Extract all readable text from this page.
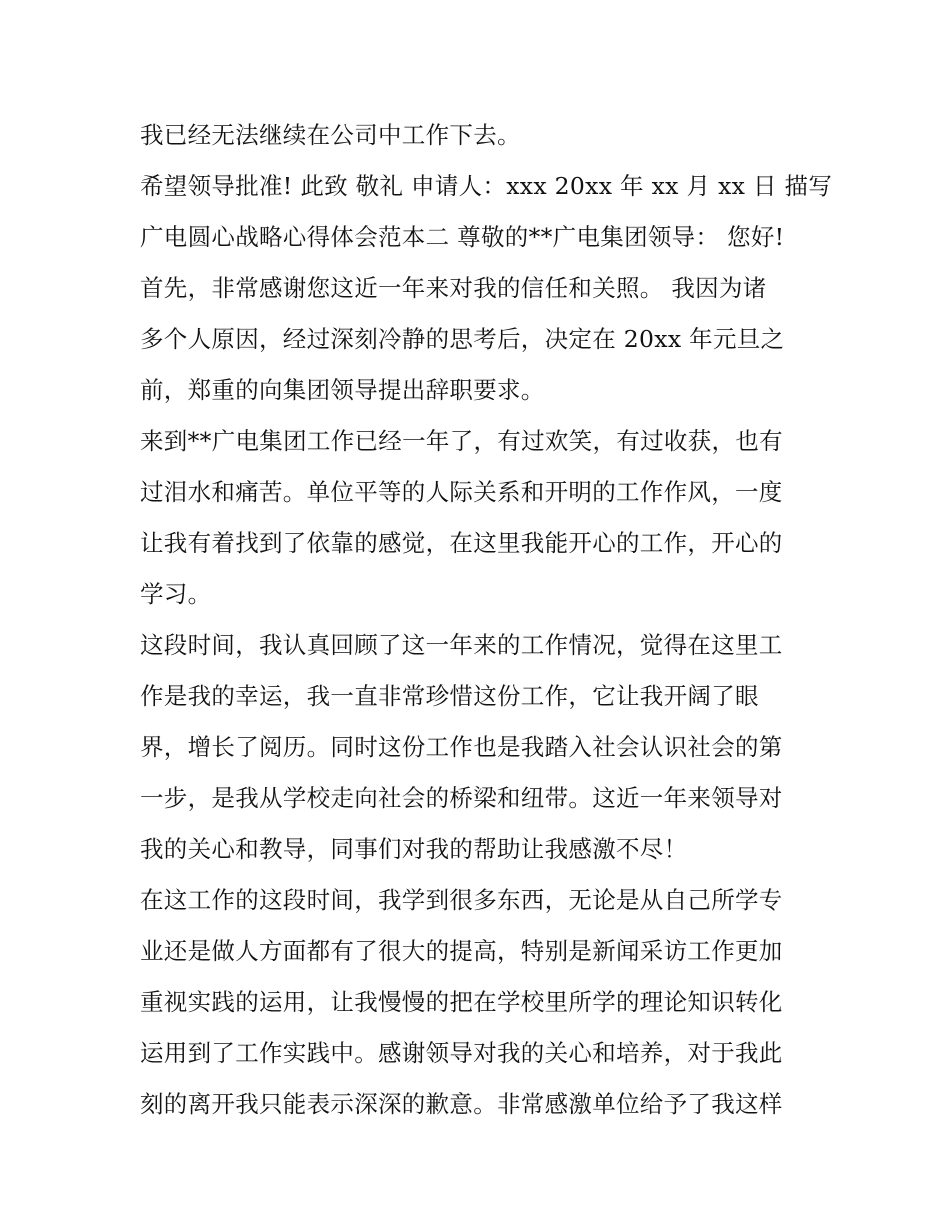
我已经无法继续在公司中工作下去。
希望领导批准! 此致 敬礼 申请人：xxx 20xx 年 xx 月 xx 日 描写
广电圆心战略心得体会范本二 尊敬的**广电集团领导： 您好!
首先，非常感谢您这近一年来对我的信任和关照。 我因为诸
多个人原因，经过深刻冷静的思考后，决定在 20xx 年元旦之
前，郑重的向集团领导提出辞职要求。
来到**广电集团工作已经一年了，有过欢笑，有过收获，也有
过泪水和痛苦。单位平等的人际关系和开明的工作作风，一度
让我有着找到了依靠的感觉，在这里我能开心的工作，开心的
学习。
这段时间，我认真回顾了这一年来的工作情况，觉得在这里工
作是我的幸运，我一直非常珍惜这份工作，它让我开阔了眼
界，增长了阅历。同时这份工作也是我踏入社会认识社会的第
一步，是我从学校走向社会的桥梁和纽带。这近一年来领导对
我的关心和教导，同事们对我的帮助让我感激不尽！
在这工作的这段时间，我学到很多东西，无论是从自己所学专
业还是做人方面都有了很大的提高，特别是新闻采访工作更加
重视实践的运用，让我慢慢的把在学校里所学的理论知识转化
运用到了工作实践中。感谢领导对我的关心和培养，对于我此
刻的离开我只能表示深深的歉意。非常感激单位给予了我这样
